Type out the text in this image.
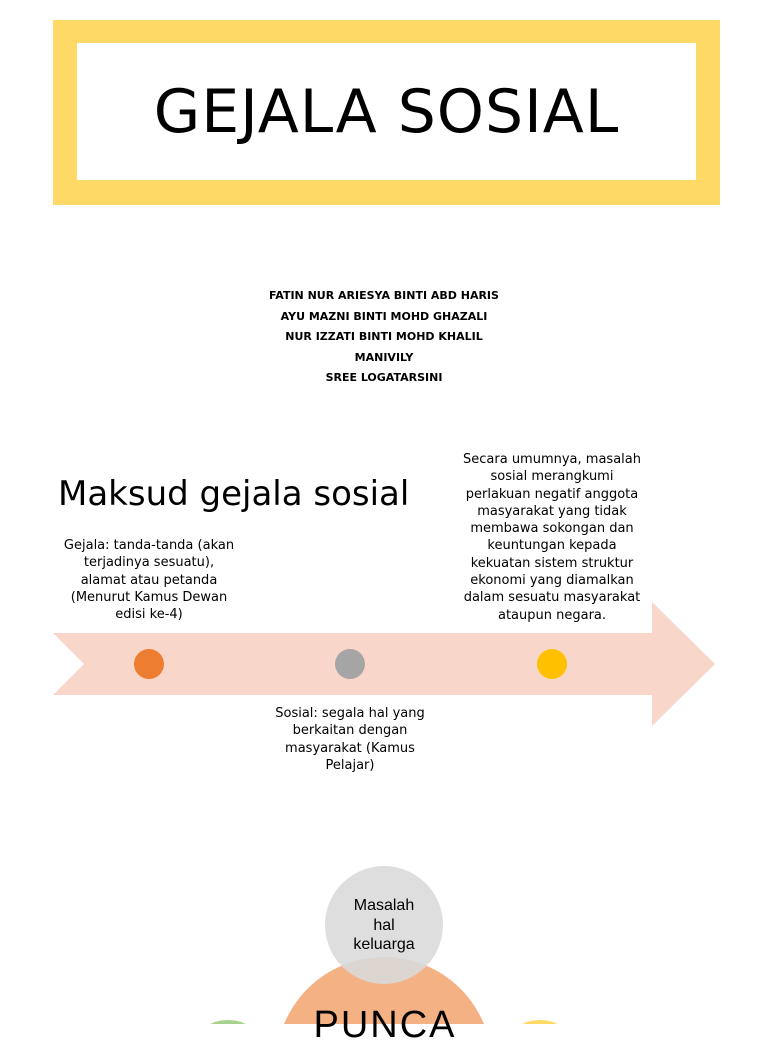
GEJALA SOSIAL
FATIN NUR ARIESYA BINTI ABD HARIS
AYU MAZNI BINTI MOHD GHAZALI
NUR IZZATI BINTI MOHD KHALIL
MANIVILY
SREE LOGATARSINI
Maksud gejala sosial
Gejala: tanda-tanda (akan
terjadinya sesuatu),
alamat atau petanda
(Menurut Kamus Dewan
edisi ke-4)
Sosial: segala hal yang
berkaitan dengan
masyarakat (Kamus
Pelajar)
Secara umumnya, masalah
sosial merangkumi
perlakuan negatif anggota
masyarakat yang tidak
membawa sokongan dan
keuntungan kepada
kekuatan sistem struktur
ekonomi yang diamalkan
dalam sesuatu masyarakat
ataupun negara.
Masalah
hal
keluarga
PUNCA
